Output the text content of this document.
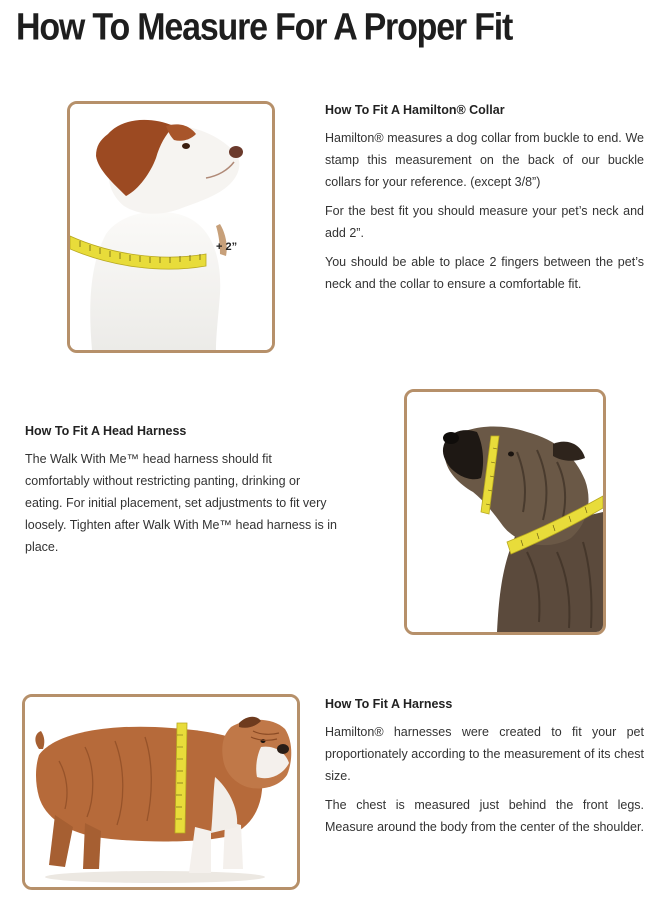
How To Measure For A Proper Fit
+ 2”
How To Fit A Hamilton® Collar

Hamilton® measures a dog collar from buckle to end. We stamp this measurement on the back of our buckle collars for your reference. (except 3/8”)

For the best fit you should measure your pet’s neck and add 2”.

You should be able to place 2 fingers between the pet’s neck and the collar to ensure a comfortable fit.

How To Fit A Head Harness

The Walk With Me™ head harness should fit comfortably without restricting panting, drinking or eating. For initial placement, set adjustments to fit very loosely. Tighten after Walk With Me™ head harness is in place.

How To Fit A Harness

Hamilton® harnesses were created to fit your pet proportionately according to the measurement of its chest size.

The chest is measured just behind the front legs. Measure around the body from the center of the shoulder.
